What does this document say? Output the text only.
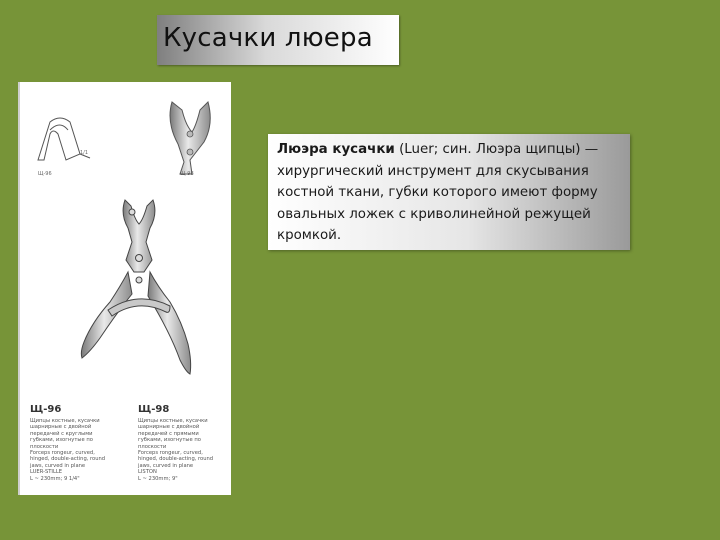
Кусачки люера
Щ-96
1/1
Щ-98
Щ-96	Щ-98
Щипцы костные, кусачки
шарнирные с двойной
передачей с круглыми
губками, изогнутые по
плоскости
Forceps rongeur, curved,
hinged, double-acting, round
jaws, curved in plane
LUER-STILLE
L ~ 230mm; 9 1/4"
Щипцы костные, кусачки
шарнирные с двойной
передачей с прямыми
губками, изогнутые по
плоскости
Forceps rongeur, curved,
hinged, double-acting, round
jaws, curved in plane
LISTON
L ~ 230mm; 9"
Люэра кусачки (Luer; син. Люэра щипцы) — хирургический инструмент для скусывания костной ткани, губки которого имеют форму овальных ложек с криволинейной режущей кромкой.
